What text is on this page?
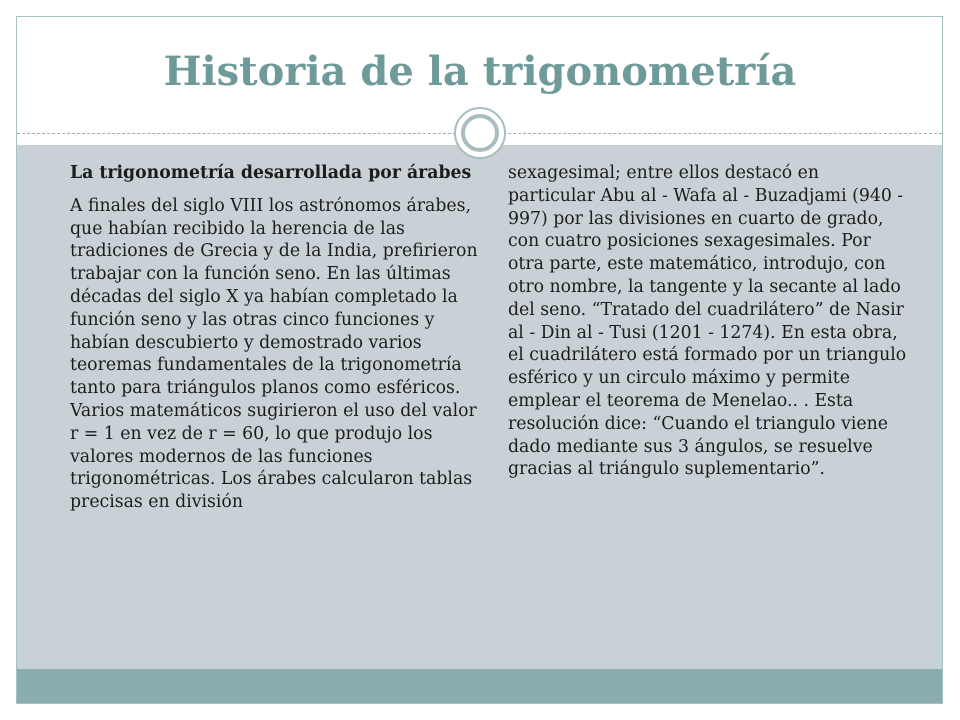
Historia de la trigonometría

La trigonometría desarrollada por árabes

A finales del siglo VIII los astrónomos árabes, que habían recibido la herencia de las tradiciones de Grecia y de la India, prefirieron trabajar con la función seno. En las últimas décadas del siglo X ya habían completado la función seno y las otras cinco funciones y habían descubierto y demostrado varios teoremas fundamentales de la trigonometría tanto para triángulos planos como esféricos. Varios matemáticos sugirieron el uso del valor r = 1 en vez de r = 60, lo que produjo los valores modernos de las funciones trigonométricas. Los árabes calcularon tablas precisas en división

sexagesimal; entre ellos destacó en particular Abu al - Wafa al - Buzadjami (940 - 997) por las divisiones en cuarto de grado, con cuatro posiciones sexagesimales. Por otra parte, este matemático, introdujo, con otro nombre, la tangente y la secante al lado del seno. “Tratado del cuadrilátero” de Nasir al - Din al - Tusi (1201 - 1274). En esta obra, el cuadrilátero está formado por un triangulo esférico y un circulo máximo y permite emplear el teorema de Menelao.. . Esta resolución dice: “Cuando el triangulo viene dado mediante sus 3 ángulos, se resuelve gracias al triángulo suplementario”.
